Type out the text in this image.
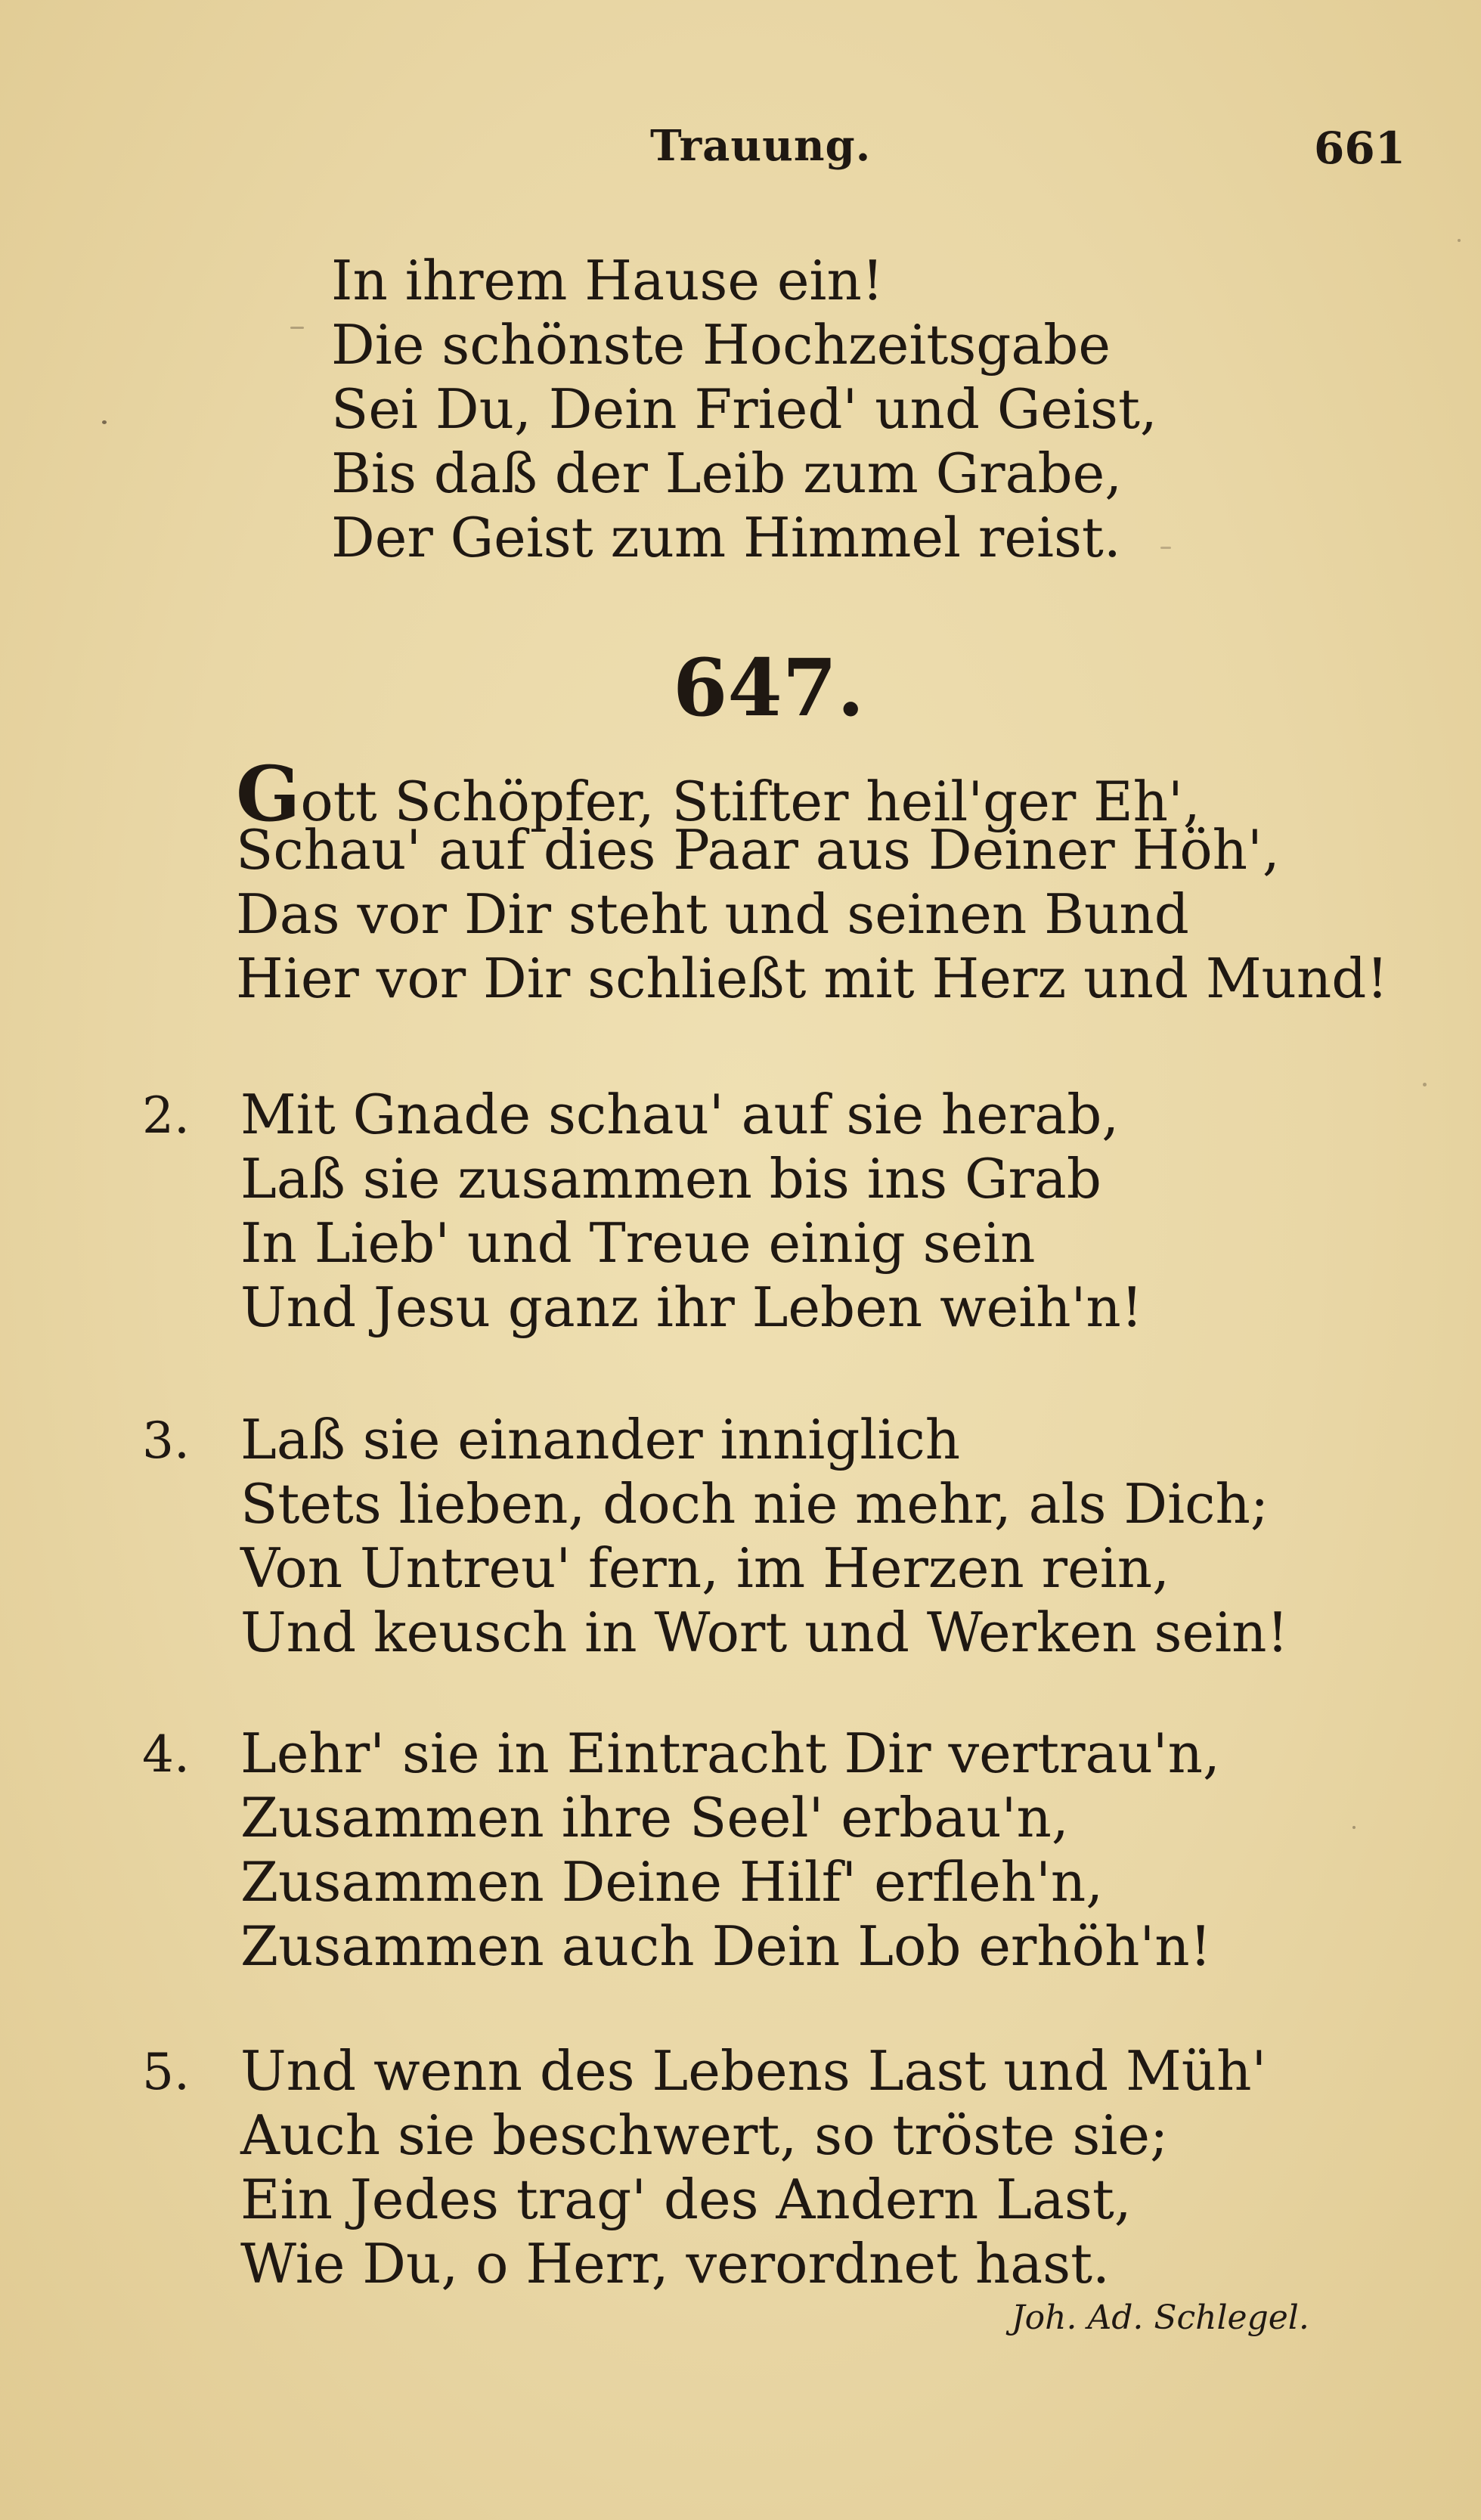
Trauung.	661
In ihrem Hause ein!
Die schönste Hochzeitsgabe
Sei Du, Dein Fried' und Geist,
Bis daß der Leib zum Grabe,
Der Geist zum Himmel reist.
647.
Gott Schöpfer, Stifter heil'ger Eh',
Schau' auf dies Paar aus Deiner Höh',
Das vor Dir steht und seinen Bund
Hier vor Dir schließt mit Herz und Mund!
2. Mit Gnade schau' auf sie herab,
Laß sie zusammen bis ins Grab
In Lieb' und Treue einig sein
Und Jesu ganz ihr Leben weih'n!
3. Laß sie einander inniglich
Stets lieben, doch nie mehr, als Dich;
Von Untreu' fern, im Herzen rein,
Und keusch in Wort und Werken sein!
4. Lehr' sie in Eintracht Dir vertrau'n,
Zusammen ihre Seel' erbau'n,
Zusammen Deine Hilf' erfleh'n,
Zusammen auch Dein Lob erhöh'n!
5. Und wenn des Lebens Last und Müh'
Auch sie beschwert, so tröste sie;
Ein Jedes trag' des Andern Last,
Wie Du, o Herr, verordnet hast.
Joh. Ad. Schlegel.
